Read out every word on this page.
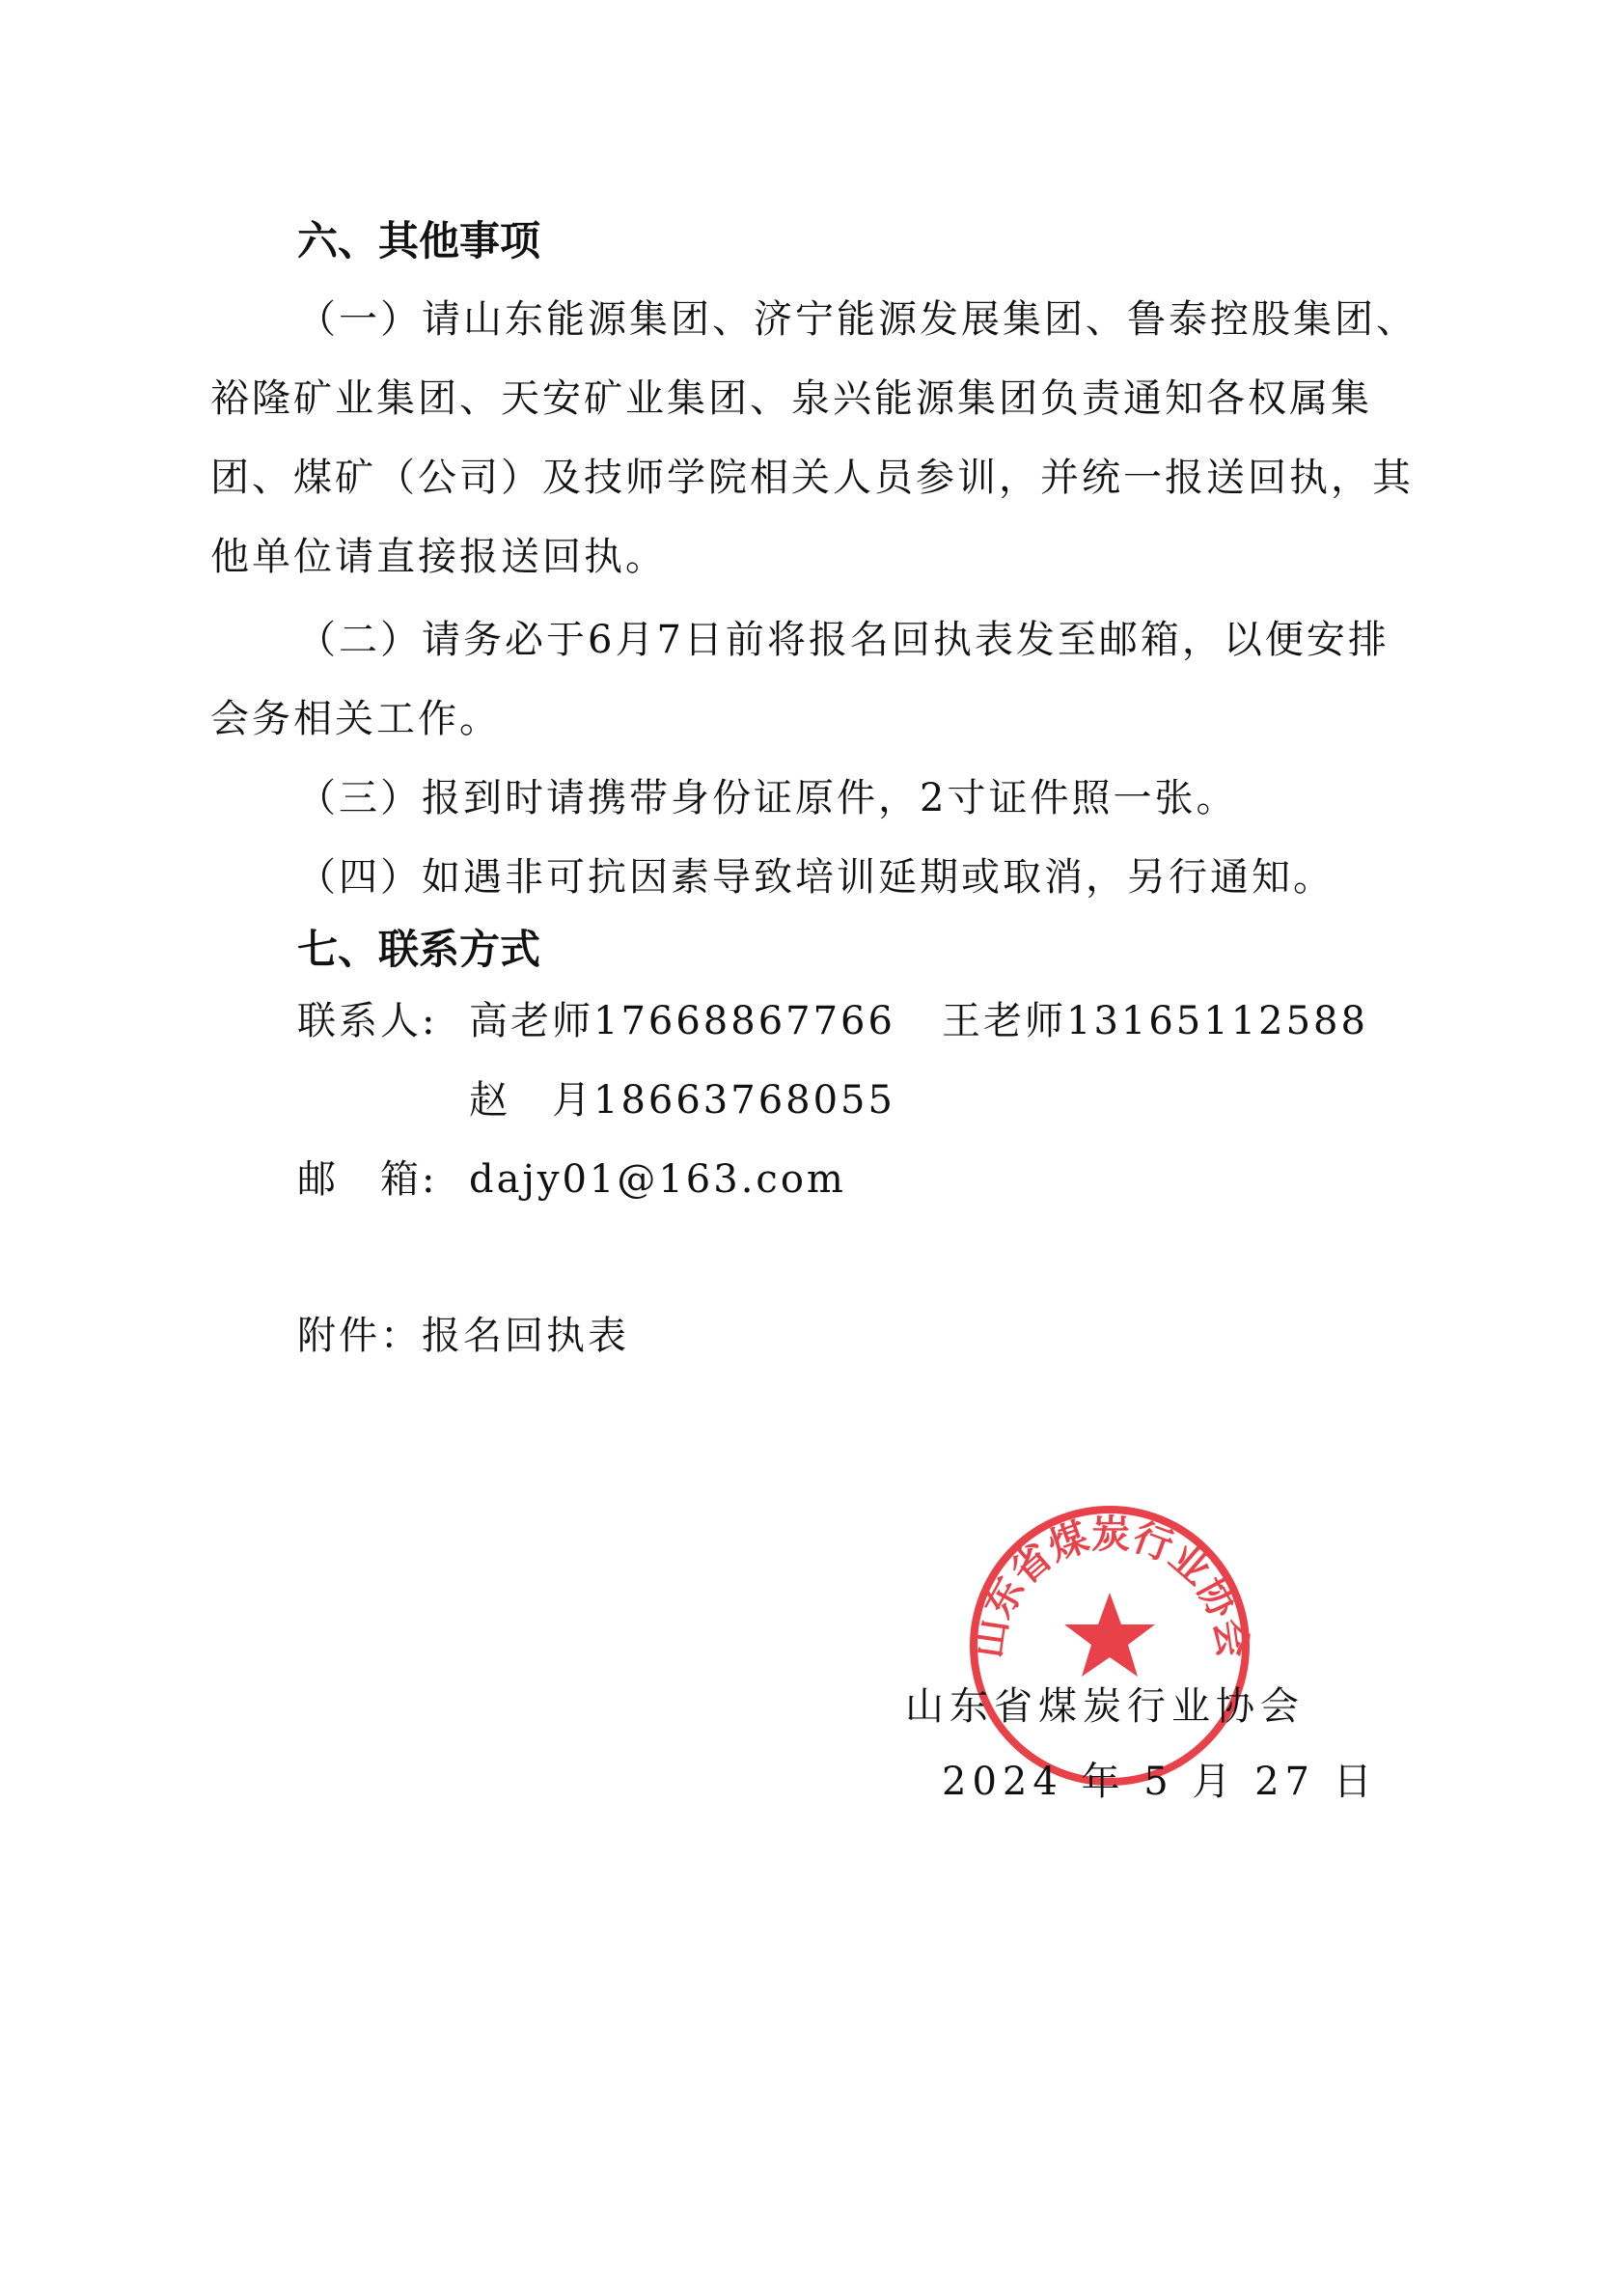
六、其他事项

（一）请山东能源集团、济宁能源发展集团、鲁泰控股集团、裕隆矿业集团、天安矿业集团、泉兴能源集团负责通知各权属集团、煤矿（公司）及技师学院相关人员参训，并统一报送回执，其他单位请直接报送回执。

（二）请务必于6月7日前将报名回执表发至邮箱，以便安排会务相关工作。

（三）报到时请携带身份证原件，2寸证件照一张。

（四）如遇非可抗因素导致培训延期或取消，另行通知。

七、联系方式
联系人: 高老师17668867766 王老师13165112588
赵　月18663768055
邮　箱: dajy01@163.com
附件：报名回执表
山东省煤炭行业协会
山东省煤炭行业协会
2024 年 5 月 27 日
